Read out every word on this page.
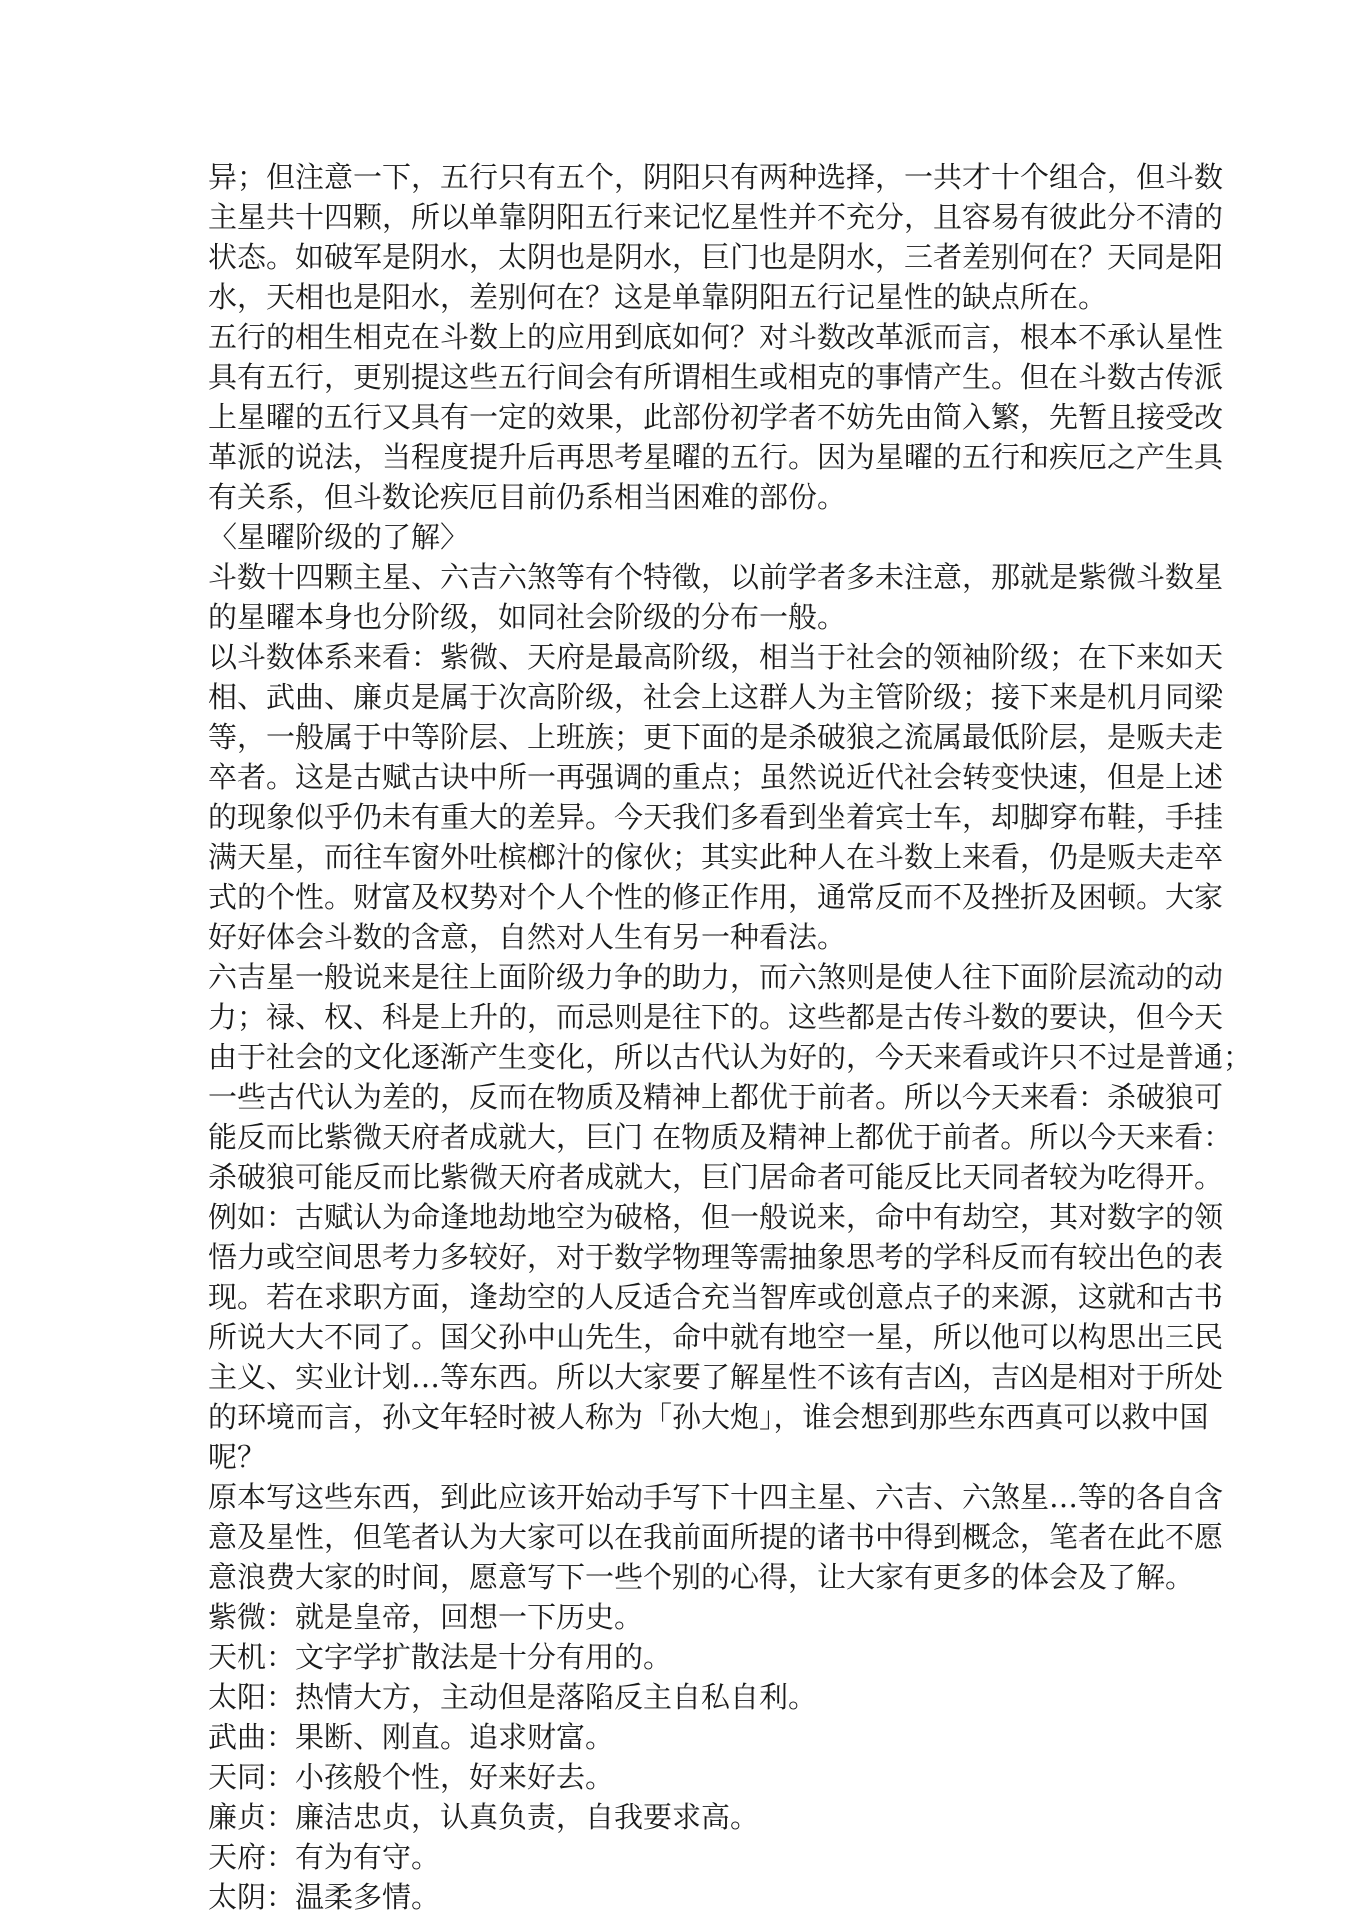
异；但注意一下，五行只有五个，阴阳只有两种选择，一共才十个组合，但斗数
主星共十四颗，所以单靠阴阳五行来记忆星性并不充分，且容易有彼此分不清的
状态。如破军是阴水，太阴也是阴水，巨门也是阴水，三者差别何在？天同是阳
水，天相也是阳水，差别何在？这是单靠阴阳五行记星性的缺点所在。
五行的相生相克在斗数上的应用到底如何？对斗数改革派而言，根本不承认星性
具有五行，更别提这些五行间会有所谓相生或相克的事情产生。但在斗数古传派
上星曜的五行又具有一定的效果，此部份初学者不妨先由简入繁，先暂且接受改
革派的说法，当程度提升后再思考星曜的五行。因为星曜的五行和疾厄之产生具
有关系，但斗数论疾厄目前仍系相当困难的部份。
〈星曜阶级的了解〉
斗数十四颗主星、六吉六煞等有个特徵，以前学者多未注意，那就是紫微斗数星
的星曜本身也分阶级，如同社会阶级的分布一般。
以斗数体系来看：紫微、天府是最高阶级，相当于社会的领袖阶级；在下来如天
相、武曲、廉贞是属于次高阶级，社会上这群人为主管阶级；接下来是机月同梁
等，一般属于中等阶层、上班族；更下面的是杀破狼之流属最低阶层，是贩夫走
卒者。这是古赋古诀中所一再强调的重点；虽然说近代社会转变快速，但是上述
的现象似乎仍未有重大的差异。今天我们多看到坐着宾士车，却脚穿布鞋，手挂
满天星，而往车窗外吐槟榔汁的傢伙；其实此种人在斗数上来看，仍是贩夫走卒
式的个性。财富及权势对个人个性的修正作用，通常反而不及挫折及困顿。大家
好好体会斗数的含意，自然对人生有另一种看法。
六吉星一般说来是往上面阶级力争的助力，而六煞则是使人往下面阶层流动的动
力；禄、权、科是上升的，而忌则是往下的。这些都是古传斗数的要诀，但今天
由于社会的文化逐渐产生变化，所以古代认为好的，今天来看或许只不过是普通；
一些古代认为差的，反而在物质及精神上都优于前者。所以今天来看：杀破狼可
能反而比紫微天府者成就大，巨门 在物质及精神上都优于前者。所以今天来看：
杀破狼可能反而比紫微天府者成就大，巨门居命者可能反比天同者较为吃得开。
例如：古赋认为命逢地劫地空为破格，但一般说来，命中有劫空，其对数字的领
悟力或空间思考力多较好，对于数学物理等需抽象思考的学科反而有较出色的表
现。若在求职方面，逢劫空的人反适合充当智库或创意点子的来源，这就和古书
所说大大不同了。国父孙中山先生，命中就有地空一星，所以他可以构思出三民
主义、实业计划…等东西。所以大家要了解星性不该有吉凶，吉凶是相对于所处
的环境而言，孙文年轻时被人称为「孙大炮」，谁会想到那些东西真可以救中国
呢？
原本写这些东西，到此应该开始动手写下十四主星、六吉、六煞星…等的各自含
意及星性，但笔者认为大家可以在我前面所提的诸书中得到概念，笔者在此不愿
意浪费大家的时间，愿意写下一些个别的心得，让大家有更多的体会及了解。
紫微：就是皇帝，回想一下历史。
天机：文字学扩散法是十分有用的。
太阳：热情大方，主动但是落陷反主自私自利。
武曲：果断、刚直。追求财富。
天同：小孩般个性，好来好去。
廉贞：廉洁忠贞，认真负责，自我要求高。
天府：有为有守。
太阴：温柔多情。
